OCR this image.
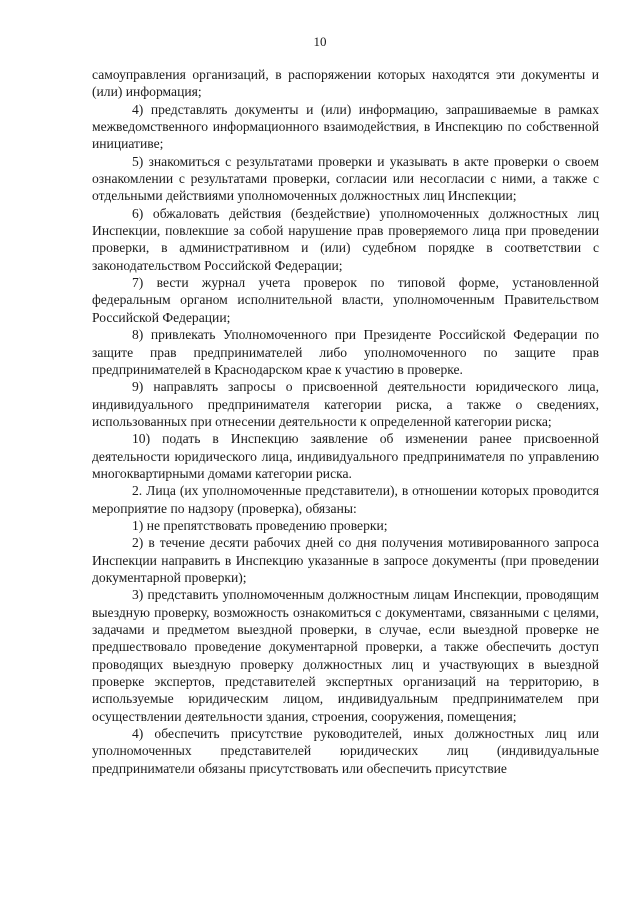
10

самоуправления организаций, в распоряжении которых находятся эти документы и (или) информация;

4) представлять документы и (или) информацию, запрашиваемые в рамках межведомственного информационного взаимодействия, в Инспекцию по собственной инициативе;

5) знакомиться с результатами проверки и указывать в акте проверки о своем ознакомлении с результатами проверки, согласии или несогласии с ними, а также с отдельными действиями уполномоченных должностных лиц Инспекции;

6) обжаловать действия (бездействие) уполномоченных должностных лиц Инспекции, повлекшие за собой нарушение прав проверяемого лица при проведении проверки, в административном и (или) судебном порядке в соответствии с законодательством Российской Федерации;

7) вести журнал учета проверок по типовой форме, установленной федеральным органом исполнительной власти, уполномоченным Правительством Российской Федерации;

8) привлекать Уполномоченного при Президенте Российской Федерации по защите прав предпринимателей либо уполномоченного по защите прав предпринимателей в Краснодарском крае к участию в проверке.

9) направлять запросы о присвоенной деятельности юридического лица, индивидуального предпринимателя категории риска, а также о сведениях, использованных при отнесении деятельности к определенной категории риска;

10) подать в Инспекцию заявление об изменении ранее присвоенной деятельности юридического лица, индивидуального предпринимателя по управлению многоквартирными домами категории риска.

2. Лица (их уполномоченные представители), в отношении которых проводится мероприятие по надзору (проверка), обязаны:

1) не препятствовать проведению проверки;

2) в течение десяти рабочих дней со дня получения мотивированного запроса Инспекции направить в Инспекцию указанные в запросе документы (при проведении документарной проверки);

3) представить уполномоченным должностным лицам Инспекции, проводящим выездную проверку, возможность ознакомиться с документами, связанными с целями, задачами и предметом выездной проверки, в случае, если выездной проверке не предшествовало проведение документарной проверки, а также обеспечить доступ проводящих выездную проверку должностных лиц и участвующих в выездной проверке экспертов, представителей экспертных организаций на территорию, в используемые юридическим лицом, индивидуальным предпринимателем при осуществлении деятельности здания, строения, сооружения, помещения;

4) обеспечить присутствие руководителей, иных должностных лиц или уполномоченных представителей юридических лиц (индивидуальные предприниматели обязаны присутствовать или обеспечить присутствие
